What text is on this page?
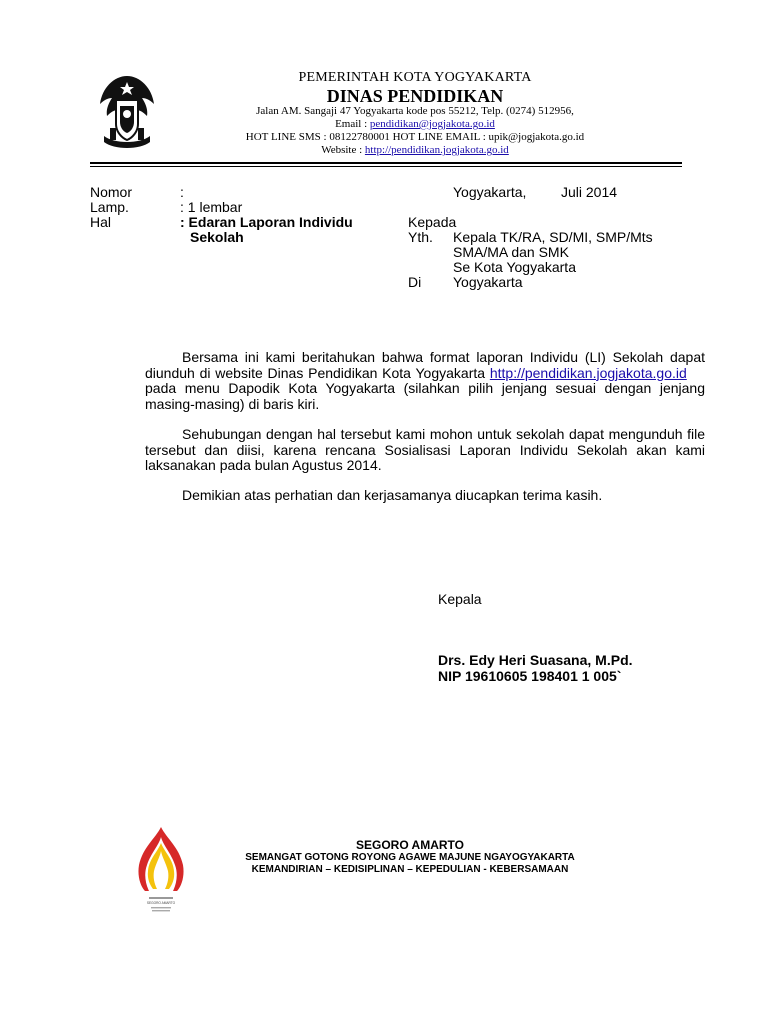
PEMERINTAH KOTA YOGYAKARTA
DINAS PENDIDIKAN
Jalan AM. Sangaji 47 Yogyakarta kode pos 55212, Telp. (0274) 512956,
Email : pendidikan@jogjakota.go.id
HOT LINE SMS : 08122780001 HOT LINE EMAIL : upik@jogjakota.go.id
Website : http://pendidikan.jogjakota.go.id
Nomor	:
Lamp.	: 1 lembar
Hal	: Edaran Laporan Individu
Sekolah
Yogyakarta, Juli 2014
Kepada
Yth. Kepala TK/RA, SD/MI, SMP/Mts
SMA/MA dan SMK
Se Kota Yogyakarta
Di Yogyakarta
Bersama ini kami beritahukan bahwa format laporan Individu (LI) Sekolah dapat diunduh di website Dinas Pendidikan Kota Yogyakarta http://pendidikan.jogjakota.go.id     pada menu Dapodik Kota Yogyakarta (silahkan pilih jenjang sesuai dengan jenjang masing-masing) di baris kiri.
Sehubungan dengan hal tersebut kami mohon untuk sekolah dapat mengunduh file tersebut dan diisi, karena rencana Sosialisasi Laporan Individu Sekolah akan kami laksanakan pada bulan Agustus 2014.
Demikian atas perhatian dan kerjasamanya diucapkan terima kasih.
Kepala
Drs. Edy Heri Suasana, M.Pd.
NIP 19610605 198401 1 005`
SEGORO AMARTO
SEGORO AMARTO
SEMANGAT GOTONG ROYONG AGAWE MAJUNE NGAYOGYAKARTA
KEMANDIRIAN – KEDISIPLINAN – KEPEDULIAN - KEBERSAMAAN
